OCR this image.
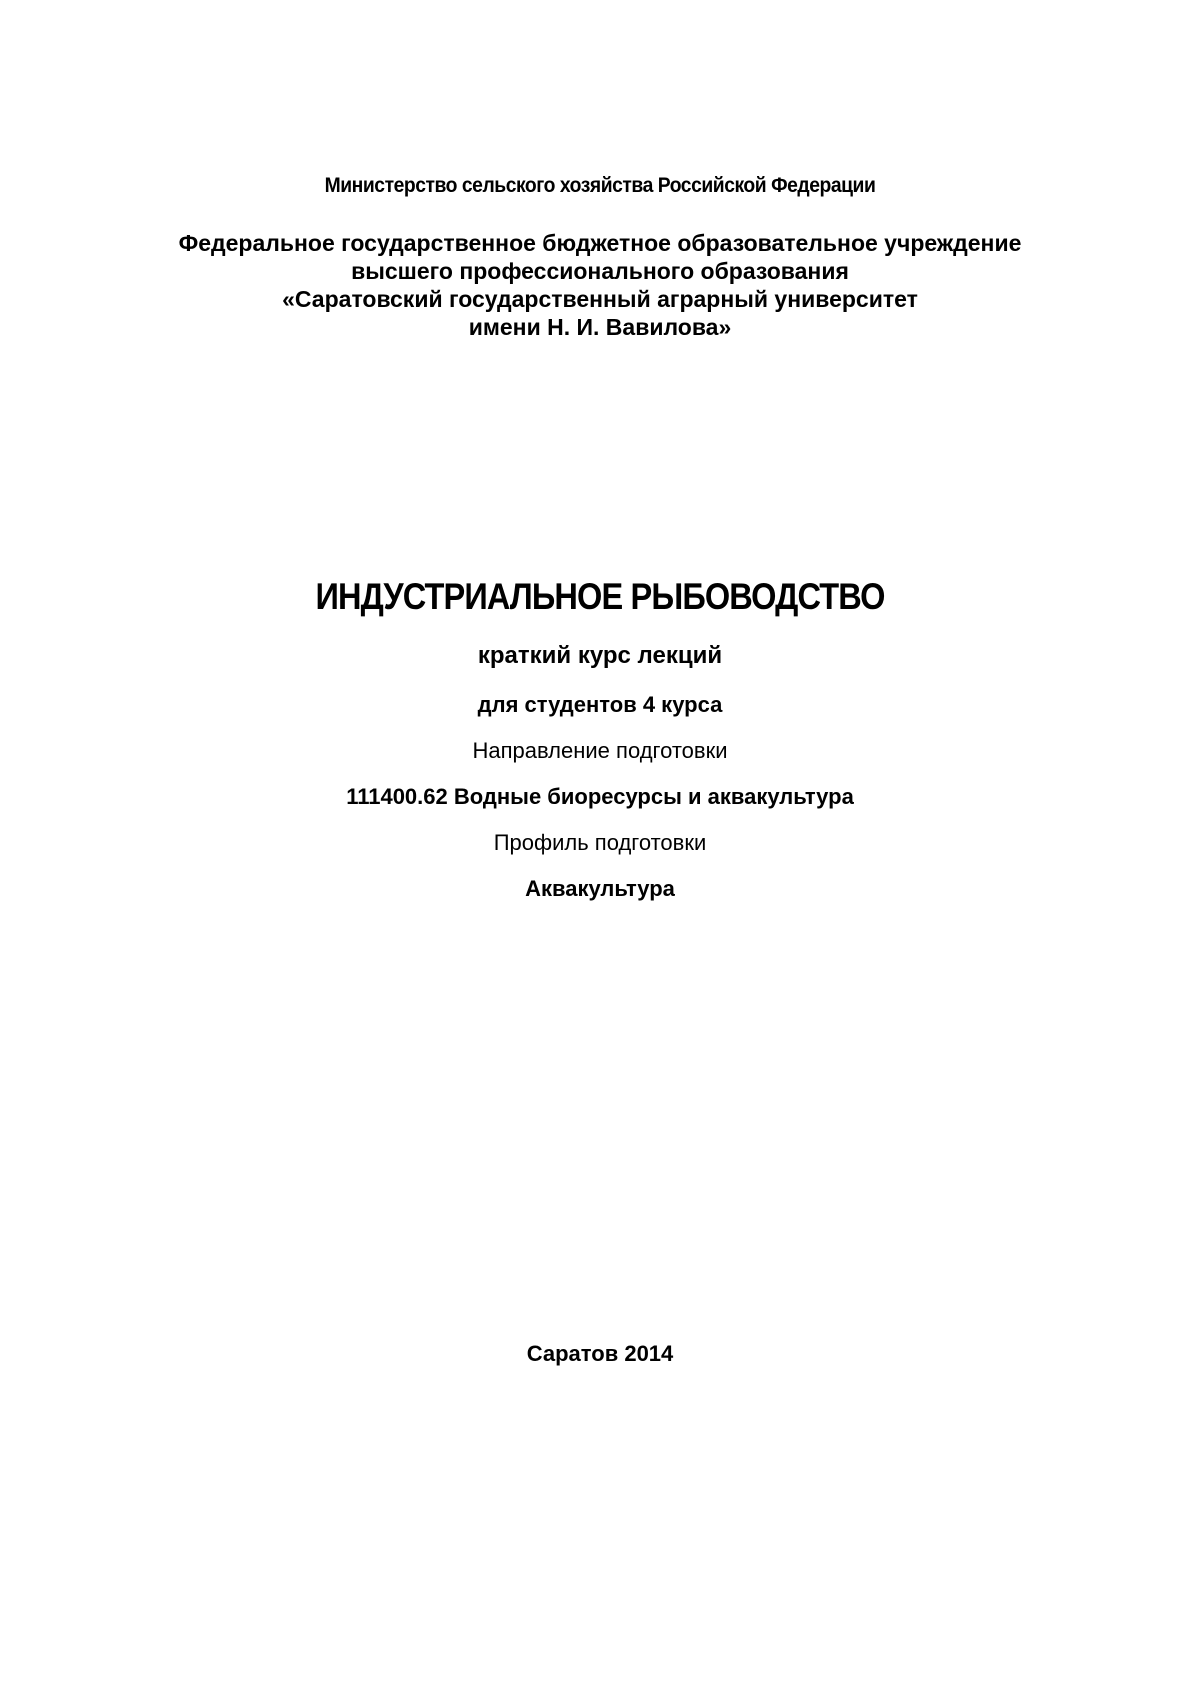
Министерство сельского хозяйства Российской Федерации
Федеральное государственное бюджетное образовательное учреждение
высшего профессионального образования
«Саратовский государственный аграрный университет
имени Н. И. Вавилова»
ИНДУСТРИАЛЬНОЕ РЫБОВОДСТВО
краткий курс лекций
для студентов 4 курса
Направление подготовки
111400.62 Водные биоресурсы и аквакультура
Профиль подготовки
Аквакультура
Саратов 2014
